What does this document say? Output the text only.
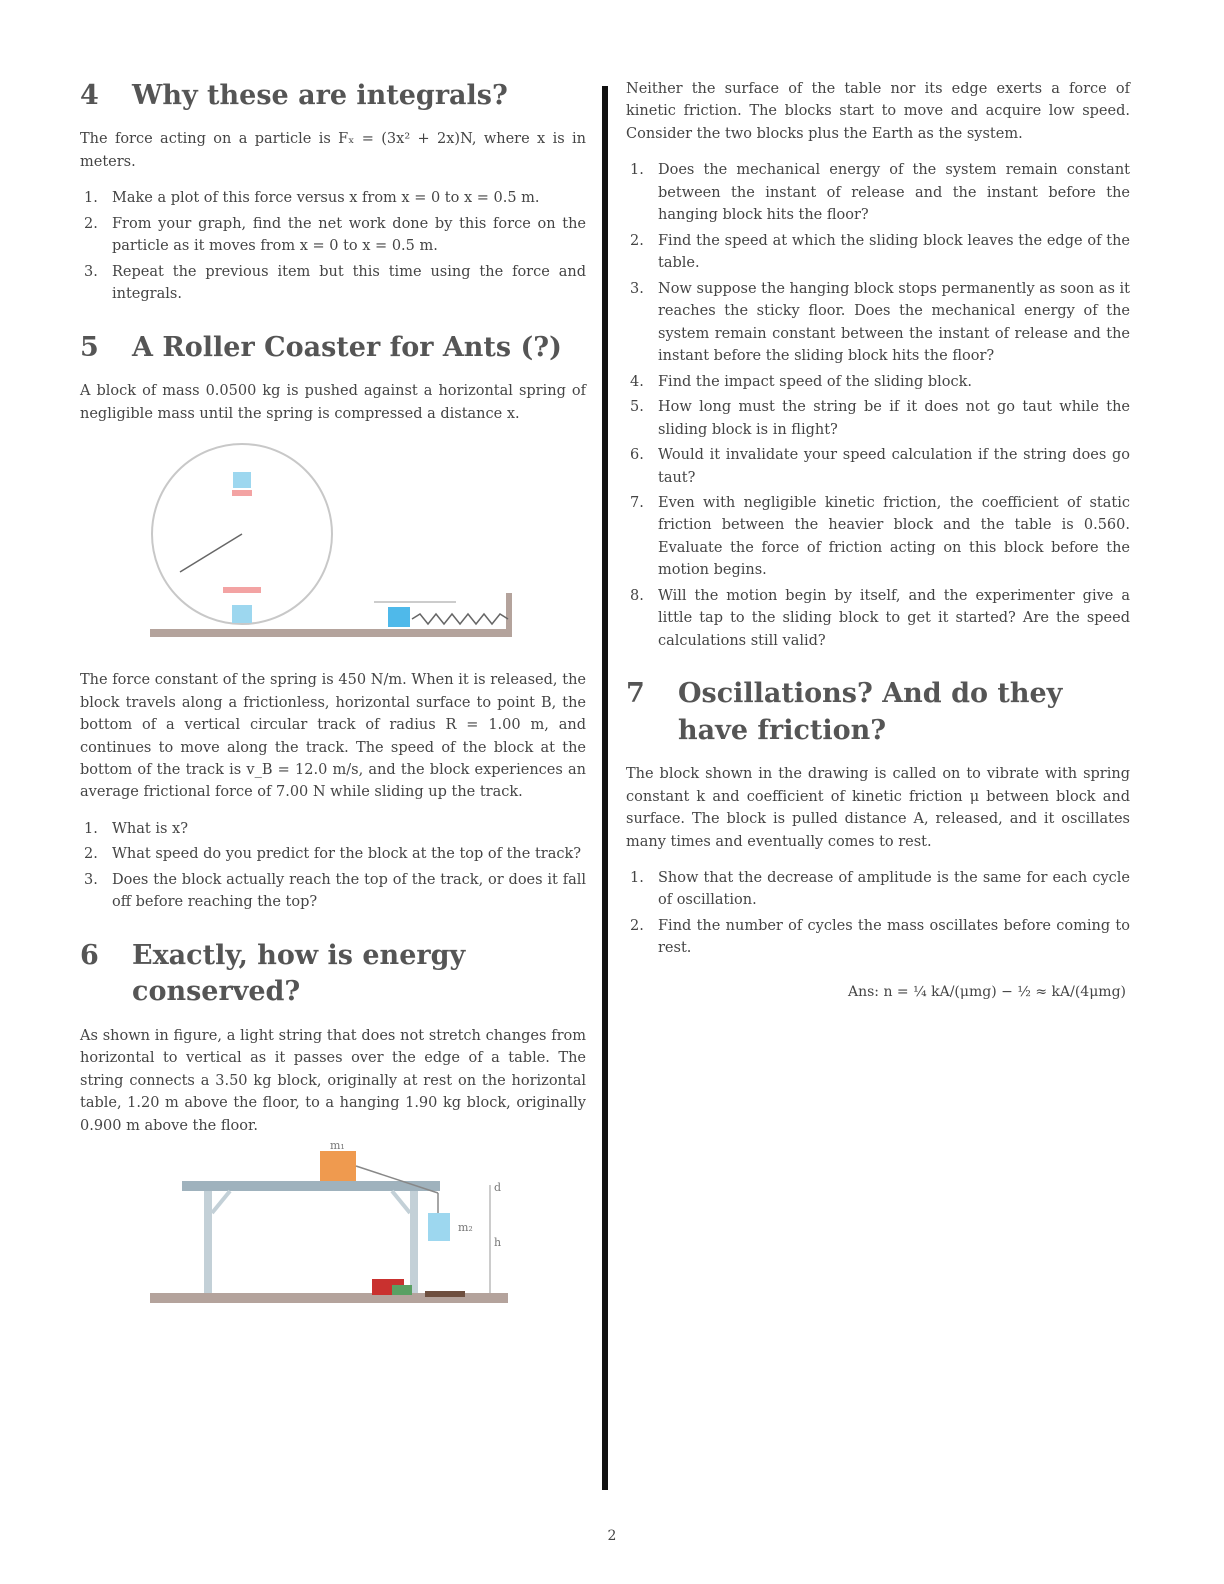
4	Why these are integrals?

The force acting on a particle is Fₓ = (3x² + 2x)N, where x is in meters.

1. Make a plot of this force versus x from x = 0 to x = 0.5 m.
2. From your graph, find the net work done by this force on the particle as it moves from x = 0 to x = 0.5 m.
3. Repeat the previous item but this time using the force and integrals.
5	A Roller Coaster for Ants (?)

A block of mass 0.0500 kg is pushed against a horizontal spring of negligible mass until the spring is compressed a distance x.

The force constant of the spring is 450 N/m. When it is released, the block travels along a frictionless, horizontal surface to point B, the bottom of a vertical circular track of radius R = 1.00 m, and continues to move along the track. The speed of the block at the bottom of the track is v_B = 12.0 m/s, and the block experiences an average frictional force of 7.00 N while sliding up the track.

1. What is x?
2. What speed do you predict for the block at the top of the track?
3. Does the block actually reach the top of the track, or does it fall off before reaching the top?
6	Exactly, how is energy conserved?

As shown in figure, a light string that does not stretch changes from horizontal to vertical as it passes over the edge of a table. The string connects a 3.50 kg block, originally at rest on the horizontal table, 1.20 m above the floor, to a hanging 1.90 kg block, originally 0.900 m above the floor.

m₁
m₂
h
d

Neither the surface of the table nor its edge exerts a force of kinetic friction. The blocks start to move and acquire low speed. Consider the two blocks plus the Earth as the system.

1. Does the mechanical energy of the system remain constant between the instant of release and the instant before the hanging block hits the floor?
2. Find the speed at which the sliding block leaves the edge of the table.
3. Now suppose the hanging block stops permanently as soon as it reaches the sticky floor. Does the mechanical energy of the system remain constant between the instant of release and the instant before the sliding block hits the floor?
4. Find the impact speed of the sliding block.
5. How long must the string be if it does not go taut while the sliding block is in flight?
6. Would it invalidate your speed calculation if the string does go taut?
7. Even with negligible kinetic friction, the coefficient of static friction between the heavier block and the table is 0.560. Evaluate the force of friction acting on this block before the motion begins.
8. Will the motion begin by itself, and the experimenter give a little tap to the sliding block to get it started? Are the speed calculations still valid?
7	Oscillations? And do they have friction?

The block shown in the drawing is called on to vibrate with spring constant k and coefficient of kinetic friction μ between block and surface. The block is pulled distance A, released, and it oscillates many times and eventually comes to rest.

1. Show that the decrease of amplitude is the same for each cycle of oscillation.
2. Find the number of cycles the mass oscillates before coming to rest.
Ans: n = ¼ kA/(μmg) − ½ ≈ kA/(4μmg)
2
